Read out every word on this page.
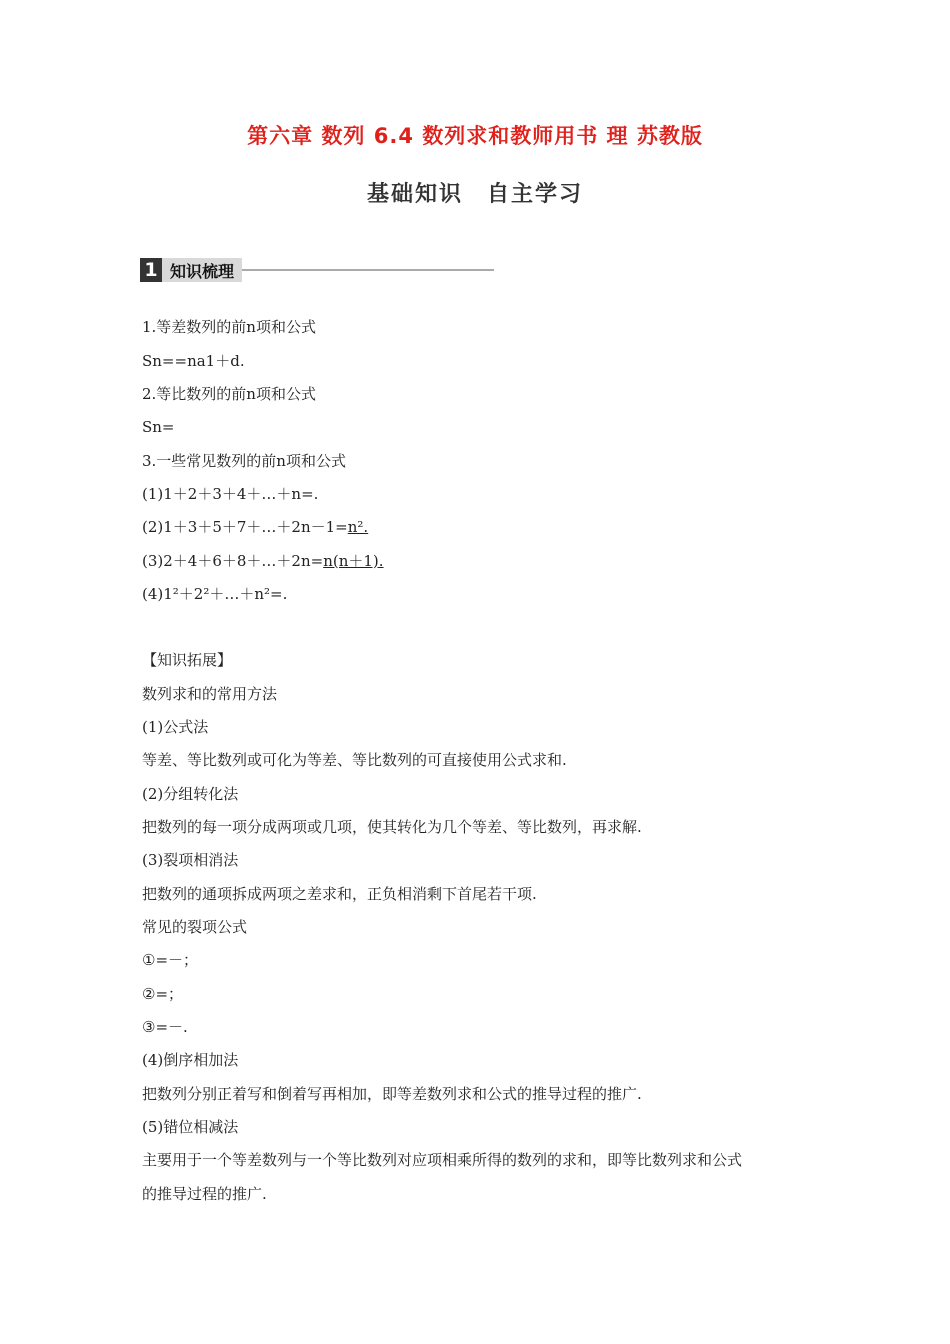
第六章 数列 6.4 数列求和教师用书 理 苏教版
基础知识　自主学习
1 知识梳理
1.等差数列的前n项和公式
Sn==na1＋d.
2.等比数列的前n项和公式
Sn=
3.一些常见数列的前n项和公式
(1)1＋2＋3＋4＋…＋n=.
(2)1＋3＋5＋7＋…＋2n－1=n².
(3)2＋4＋6＋8＋…＋2n=n(n＋1).
(4)1²＋2²＋…＋n²=.
【知识拓展】
数列求和的常用方法
(1)公式法
等差、等比数列或可化为等差、等比数列的可直接使用公式求和.
(2)分组转化法
把数列的每一项分成两项或几项，使其转化为几个等差、等比数列，再求解.
(3)裂项相消法
把数列的通项拆成两项之差求和，正负相消剩下首尾若干项.
常见的裂项公式
①=－；
②=；
③=－.
(4)倒序相加法
把数列分别正着写和倒着写再相加，即等差数列求和公式的推导过程的推广.
(5)错位相减法
主要用于一个等差数列与一个等比数列对应项相乘所得的数列的求和，即等比数列求和公式
的推导过程的推广.
